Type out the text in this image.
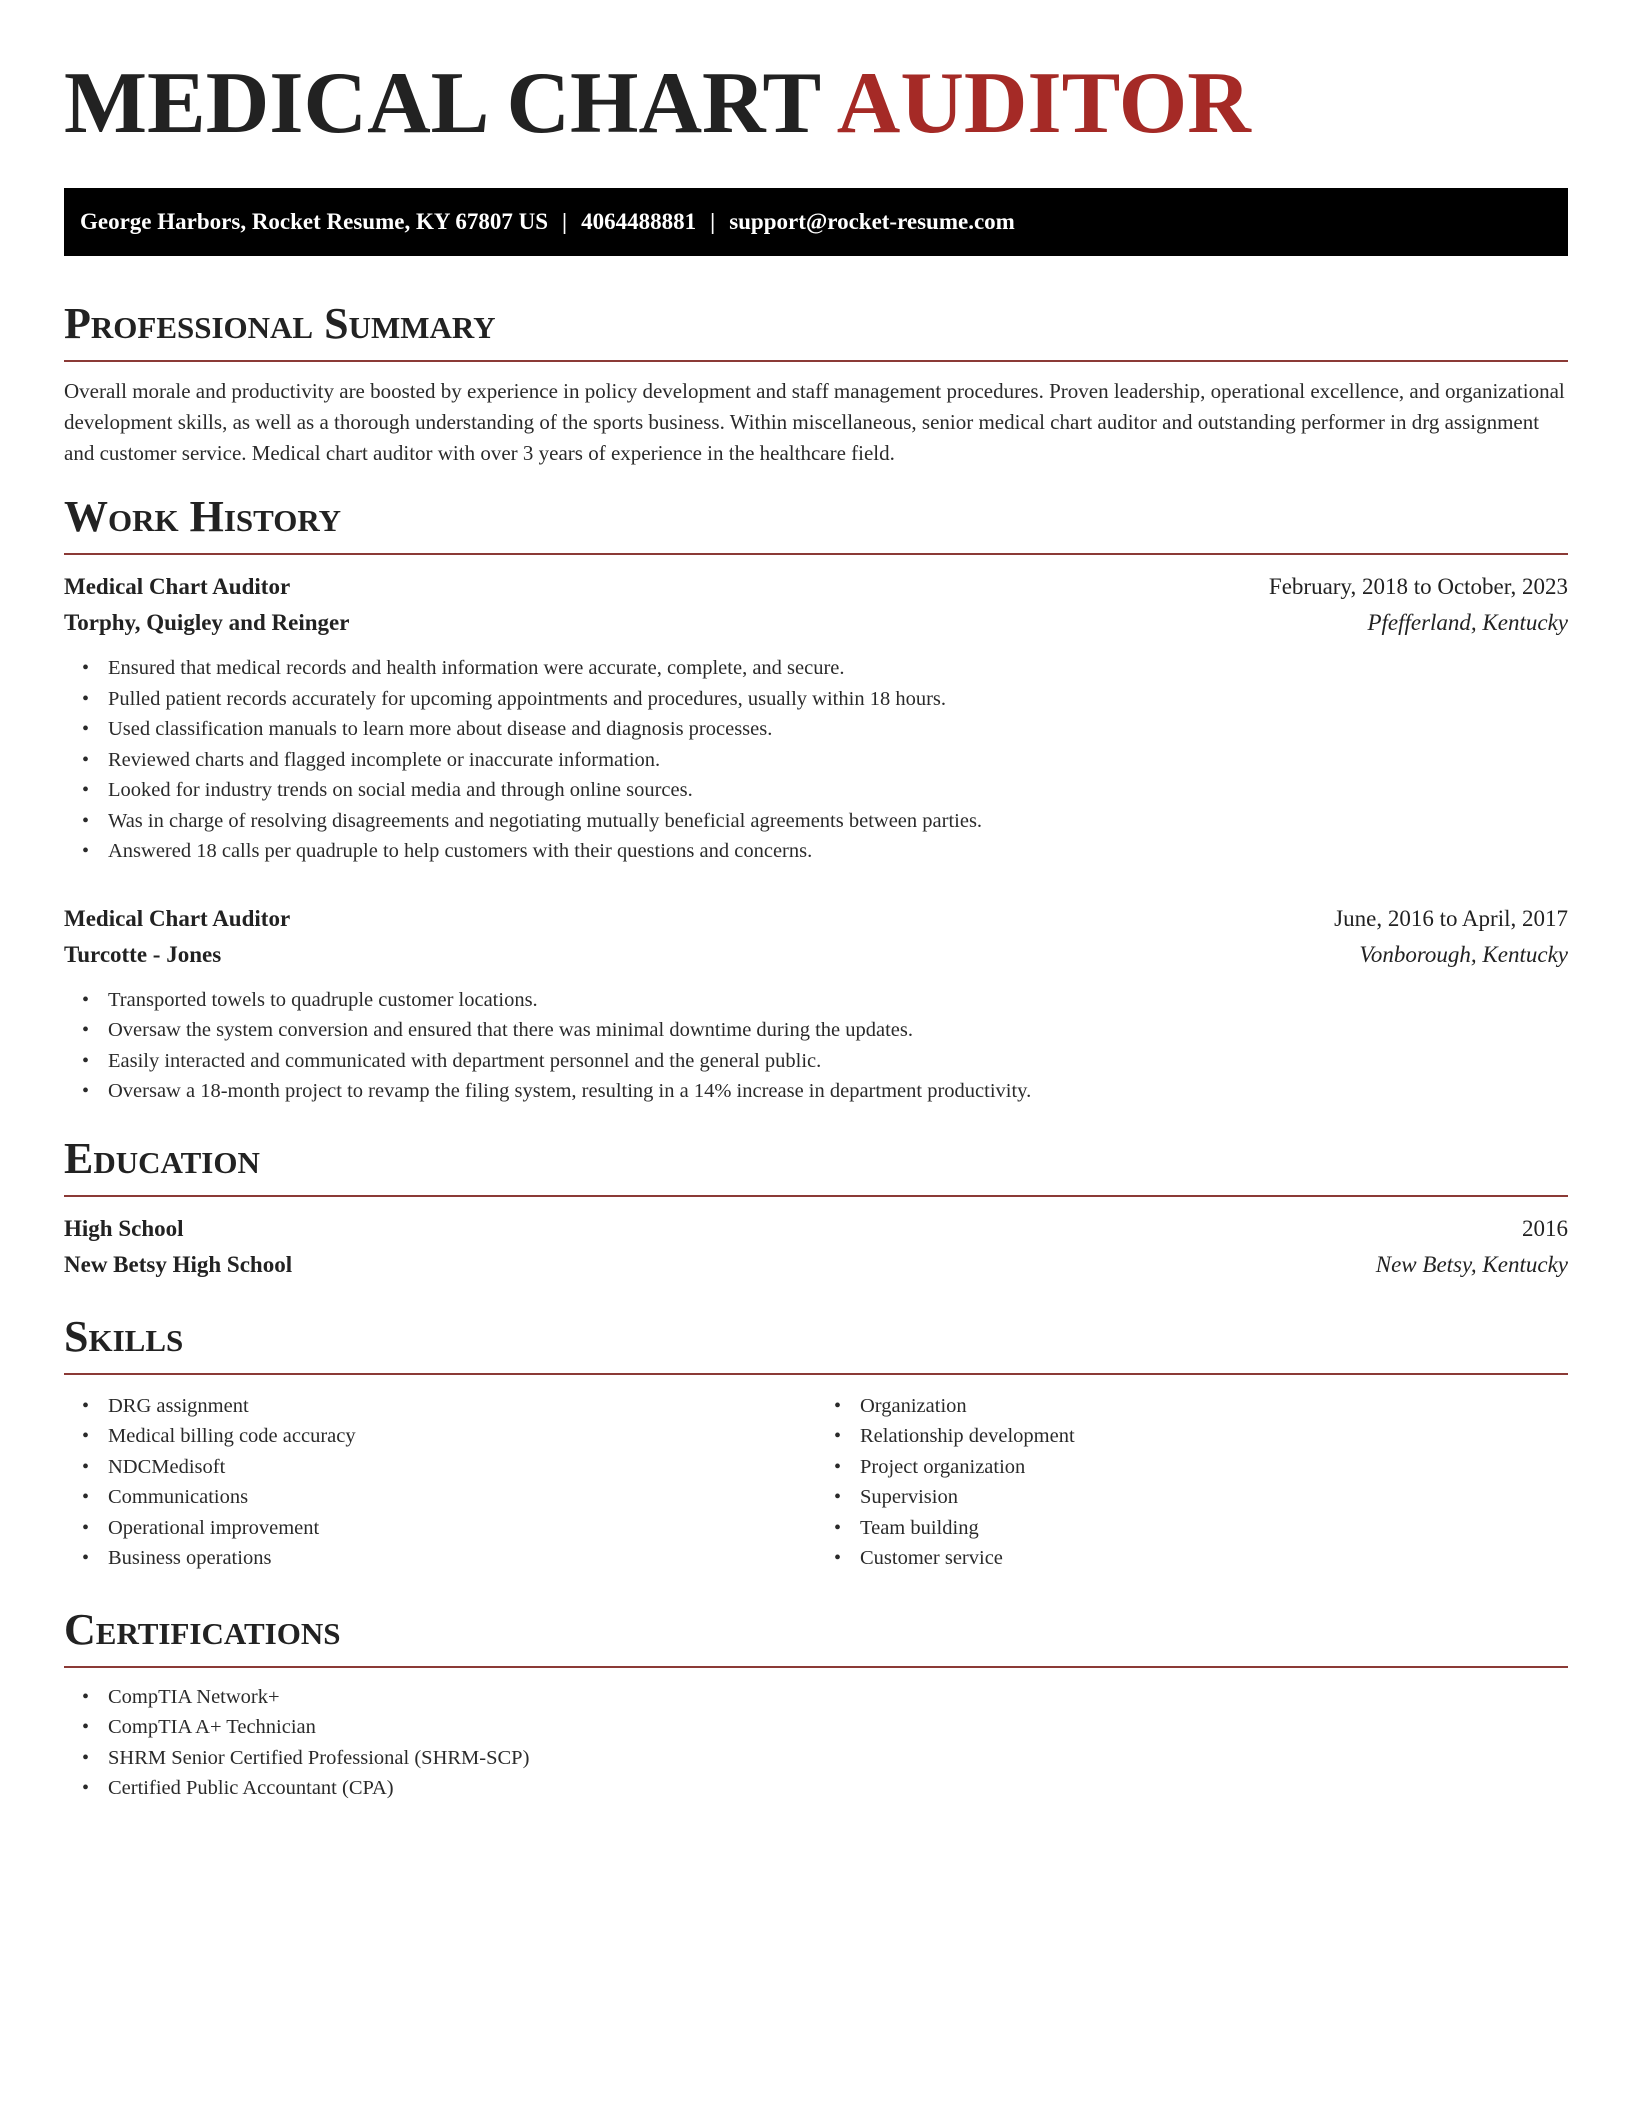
MEDICAL CHART AUDITOR
George Harbors, Rocket Resume, KY 67807 US | 4064488881 | support@rocket-resume.com
Professional Summary

Overall morale and productivity are boosted by experience in policy development and staff management procedures. Proven leadership, operational excellence, and organizational development skills, as well as a thorough understanding of the sports business. Within miscellaneous, senior medical chart auditor and outstanding performer in drg assignment and customer service. Medical chart auditor with over 3 years of experience in the healthcare field.

Work History
Medical Chart Auditor	February, 2018 to October, 2023
Torphy, Quigley and Reinger	Pfefferland, Kentucky
• Ensured that medical records and health information were accurate, complete, and secure.
• Pulled patient records accurately for upcoming appointments and procedures, usually within 18 hours.
• Used classification manuals to learn more about disease and diagnosis processes.
• Reviewed charts and flagged incomplete or inaccurate information.
• Looked for industry trends on social media and through online sources.
• Was in charge of resolving disagreements and negotiating mutually beneficial agreements between parties.
• Answered 18 calls per quadruple to help customers with their questions and concerns.
Medical Chart Auditor	June, 2016 to April, 2017
Turcotte - Jones	Vonborough, Kentucky
• Transported towels to quadruple customer locations.
• Oversaw the system conversion and ensured that there was minimal downtime during the updates.
• Easily interacted and communicated with department personnel and the general public.
• Oversaw a 18-month project to revamp the filing system, resulting in a 14% increase in department productivity.
Education
High School	2016
New Betsy High School	New Betsy, Kentucky
Skills
• DRG assignment
• Medical billing code accuracy
• NDCMedisoft
• Communications
• Operational improvement
• Business operations
• Organization
• Relationship development
• Project organization
• Supervision
• Team building
• Customer service
Certifications
• CompTIA Network+
• CompTIA A+ Technician
• SHRM Senior Certified Professional (SHRM-SCP)
• Certified Public Accountant (CPA)
